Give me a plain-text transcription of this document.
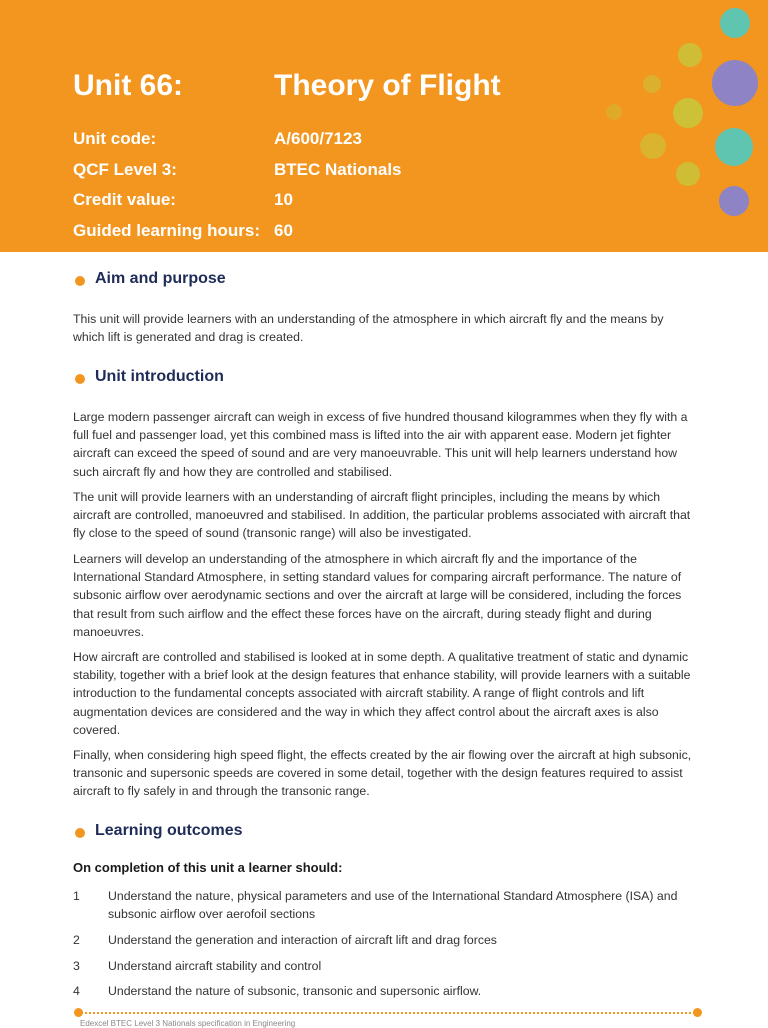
Unit 66:	Theory of Flight
Unit code:	A/600/7123
QCF Level 3:	BTEC Nationals
Credit value:	10
Guided learning hours: 60
Aim and purpose

This unit will provide learners with an understanding of the atmosphere in which aircraft fly and the means by which lift is generated and drag is created.

Unit introduction

Large modern passenger aircraft can weigh in excess of five hundred thousand kilogrammes when they fly with a full fuel and passenger load, yet this combined mass is lifted into the air with apparent ease. Modern jet fighter aircraft can exceed the speed of sound and are very manoeuvrable. This unit will help learners understand how such aircraft fly and how they are controlled and stabilised.

The unit will provide learners with an understanding of aircraft flight principles, including the means by which aircraft are controlled, manoeuvred and stabilised. In addition, the particular problems associated with aircraft that fly close to the speed of sound (transonic range) will also be investigated.

Learners will develop an understanding of the atmosphere in which aircraft fly and the importance of the International Standard Atmosphere, in setting standard values for comparing aircraft performance. The nature of subsonic airflow over aerodynamic sections and over the aircraft at large will be considered, including the forces that result from such airflow and the effect these forces have on the aircraft, during steady flight and during manoeuvres.

How aircraft are controlled and stabilised is looked at in some depth. A qualitative treatment of static and dynamic stability, together with a brief look at the design features that enhance stability, will provide learners with a suitable introduction to the fundamental concepts associated with aircraft stability. A range of flight controls and lift augmentation devices are considered and the way in which they affect control about the aircraft axes is also covered.

Finally, when considering high speed flight, the effects created by the air flowing over the aircraft at high subsonic, transonic and supersonic speeds are covered in some detail, together with the design features required to assist aircraft to fly safely in and through the transonic range.

Learning outcomes

On completion of this unit a learner should:

1 Understand the nature, physical parameters and use of the International Standard Atmosphere (ISA) and subsonic airflow over aerofoil sections
2 Understand the generation and interaction of aircraft lift and drag forces
3 Understand aircraft stability and control
4 Understand the nature of subsonic, transonic and supersonic airflow.

Edexcel BTEC Level 3 Nationals specification in Engineering
